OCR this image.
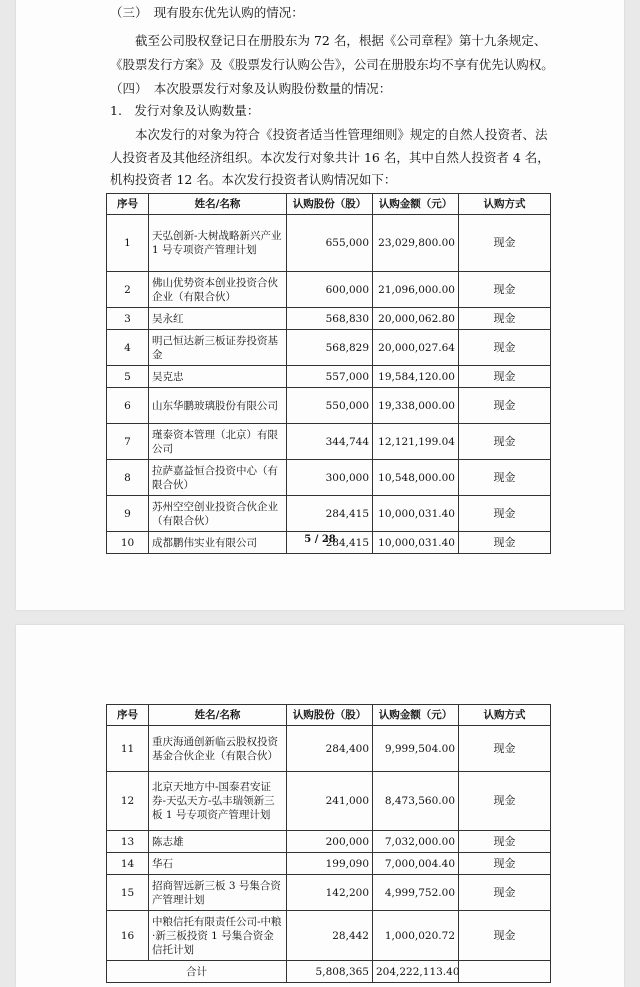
（三）　现有股东优先认购的情况：
截至公司股权登记日在册股东为 72 名，根据《公司章程》第十九条规定、
《股票发行方案》及《股票发行认购公告》，公司在册股东均不享有优先认购权。
（四）　本次股票发行对象及认购股份数量的情况：
1.　发行对象及认购数量：
本次发行的对象为符合《投资者适当性管理细则》规定的自然人投资者、法
人投资者及其他经济组织。本次发行对象共计 16 名，其中自然人投资者 4 名，
机构投资者 12 名。本次发行投资者认购情况如下：
序号	姓名/名称	认购股份（股）	认购金额（元）	认购方式
1	天弘创新-大树战略新兴产业 1 号专项资产管理计划	655,000	23,029,800.00	现金
2	佛山优势资本创业投资合伙企业（有限合伙）	600,000	21,096,000.00	现金
3	吴永红	568,830	20,000,062.80	现金
4	明己恒达新三板证券投资基金	568,829	20,000,027.64	现金
5	吴克忠	557,000	19,584,120.00	现金
6	山东华鹏玻璃股份有限公司	550,000	19,338,000.00	现金
7	瑾泰资本管理（北京）有限公司	344,744	12,121,199.04	现金
8	拉萨嘉益恒合投资中心（有限合伙）	300,000	10,548,000.00	现金
9	苏州空空创业投资合伙企业（有限合伙）	284,415	10,000,031.40	现金
10	成都鹏伟实业有限公司	284,415	10,000,031.40	现金
5 / 28
序号	姓名/名称	认购股份（股）	认购金额（元）	认购方式
11	重庆海通创新临云股权投资基金合伙企业（有限合伙）	284,400	9,999,504.00	现金
12	北京天地方中-国泰君安证券-天弘天方-弘丰瑞领新三板 1 号专项资产管理计划	241,000	8,473,560.00	现金
13	陈志雄	200,000	7,032,000.00	现金
14	华石	199,090	7,000,004.40	现金
15	招商智远新三板 3 号集合资产管理计划	142,200	4,999,752.00	现金
16	中粮信托有限责任公司-中粮·新三板投资 1 号集合资金信托计划	28,442	1,000,020.72	现金
合计		5,808,365	204,222,113.40	
